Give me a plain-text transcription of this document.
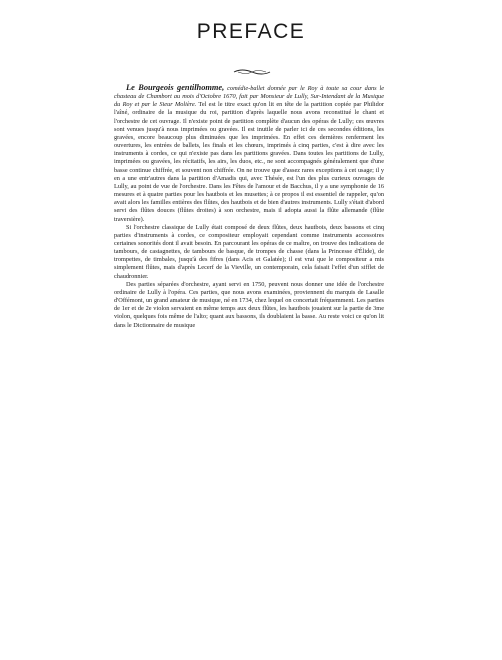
PREFACE

Le Bourgeois gentilhomme, comédie-ballet donnée par le Roy à toute sa cour dans le chasteau de Chambort au mois d'Octobre 1670, fait par Monsieur de Lully, Sur-Intendant de la Musique du Roy et par le Sieur Molière. Tel est le titre exact qu'on lit en tête de la partition copiée par Philidor l'aîné, ordinaire de la musique du roi, partition d'après laquelle nous avons reconstitué le chant et l'orchestre de cet ouvrage. Il n'existe point de partition complète d'aucun des opéras de Lully; ces œuvres sont venues jusqu'à nous imprimées ou gravées. Il est inutile de parler ici de ces secondes éditions, les gravées, encore beaucoup plus diminuées que les imprimées. En effet ces dernières renferment les ouvertures, les entrées de ballets, les finals et les chœurs, imprimés à cinq parties, c'est à dire avec les instruments à cordes, ce qui n'existe pas dans les partitions gravées. Dans toutes les partitions de Lully, imprimées ou gravées, les récitatifs, les airs, les duos, etc., ne sont accompagnés généralement que d'une basse continue chiffrée, et souvent non chiffrée. On ne trouve que d'assez rares exceptions à cet usage; il y en a une entr'autres dans la partition d'Amadis qui, avec Thésée, est l'un des plus curieux ouvrages de Lully, au point de vue de l'orchestre. Dans les Fêtes de l'amour et de Bacchus, il y a une symphonie de 16 mesures et à quatre parties pour les hautbois et les musettes; à ce propos il est essentiel de rappeler, qu'on avait alors les familles entières des flûtes, des hautbois et de bien d'autres instruments. Lully s'était d'abord servi des flûtes douces (flûtes droites) à son orchestre, mais il adopta aussi la flûte allemande (flûte traversière).

Si l'orchestre classique de Lully était composé de deux flûtes, deux hautbois, deux bassons et cinq parties d'instruments à cordes, ce compositeur employait cependant comme instruments accessoires certaines sonorités dont il avait besoin. En parcourant les opéras de ce maître, on trouve des indications de tambours, de castagnettes, de tambours de basque, de trompes de chasse (dans la Princesse d'Élide), de trompettes, de timbales, jusqu'à des fifres (dans Acis et Galatée); il est vrai que le compositeur a mis simplement flûtes, mais d'après Lecerf de la Vieville, un contemporain, cela faisait l'effet d'un sifflet de chaudronnier.

Des parties séparées d'orchestre, ayant servi en 1750, peuvent nous donner une idée de l'orchestre ordinaire de Lully à l'opéra. Ces parties, que nous avons examinées, proviennent du marquis de Lasalle d'Offémont, un grand amateur de musique, né en 1734, chez lequel on concertait fréquemment. Les parties de 1er et de 2e violon servaient en même temps aux deux flûtes, les hautbois jouaient sur la partie de 3me violon, quelques fois même de l'alto; quant aux bassons, ils doublaient la basse. Au reste voici ce qu'on lit dans le Dictionnaire de musique
